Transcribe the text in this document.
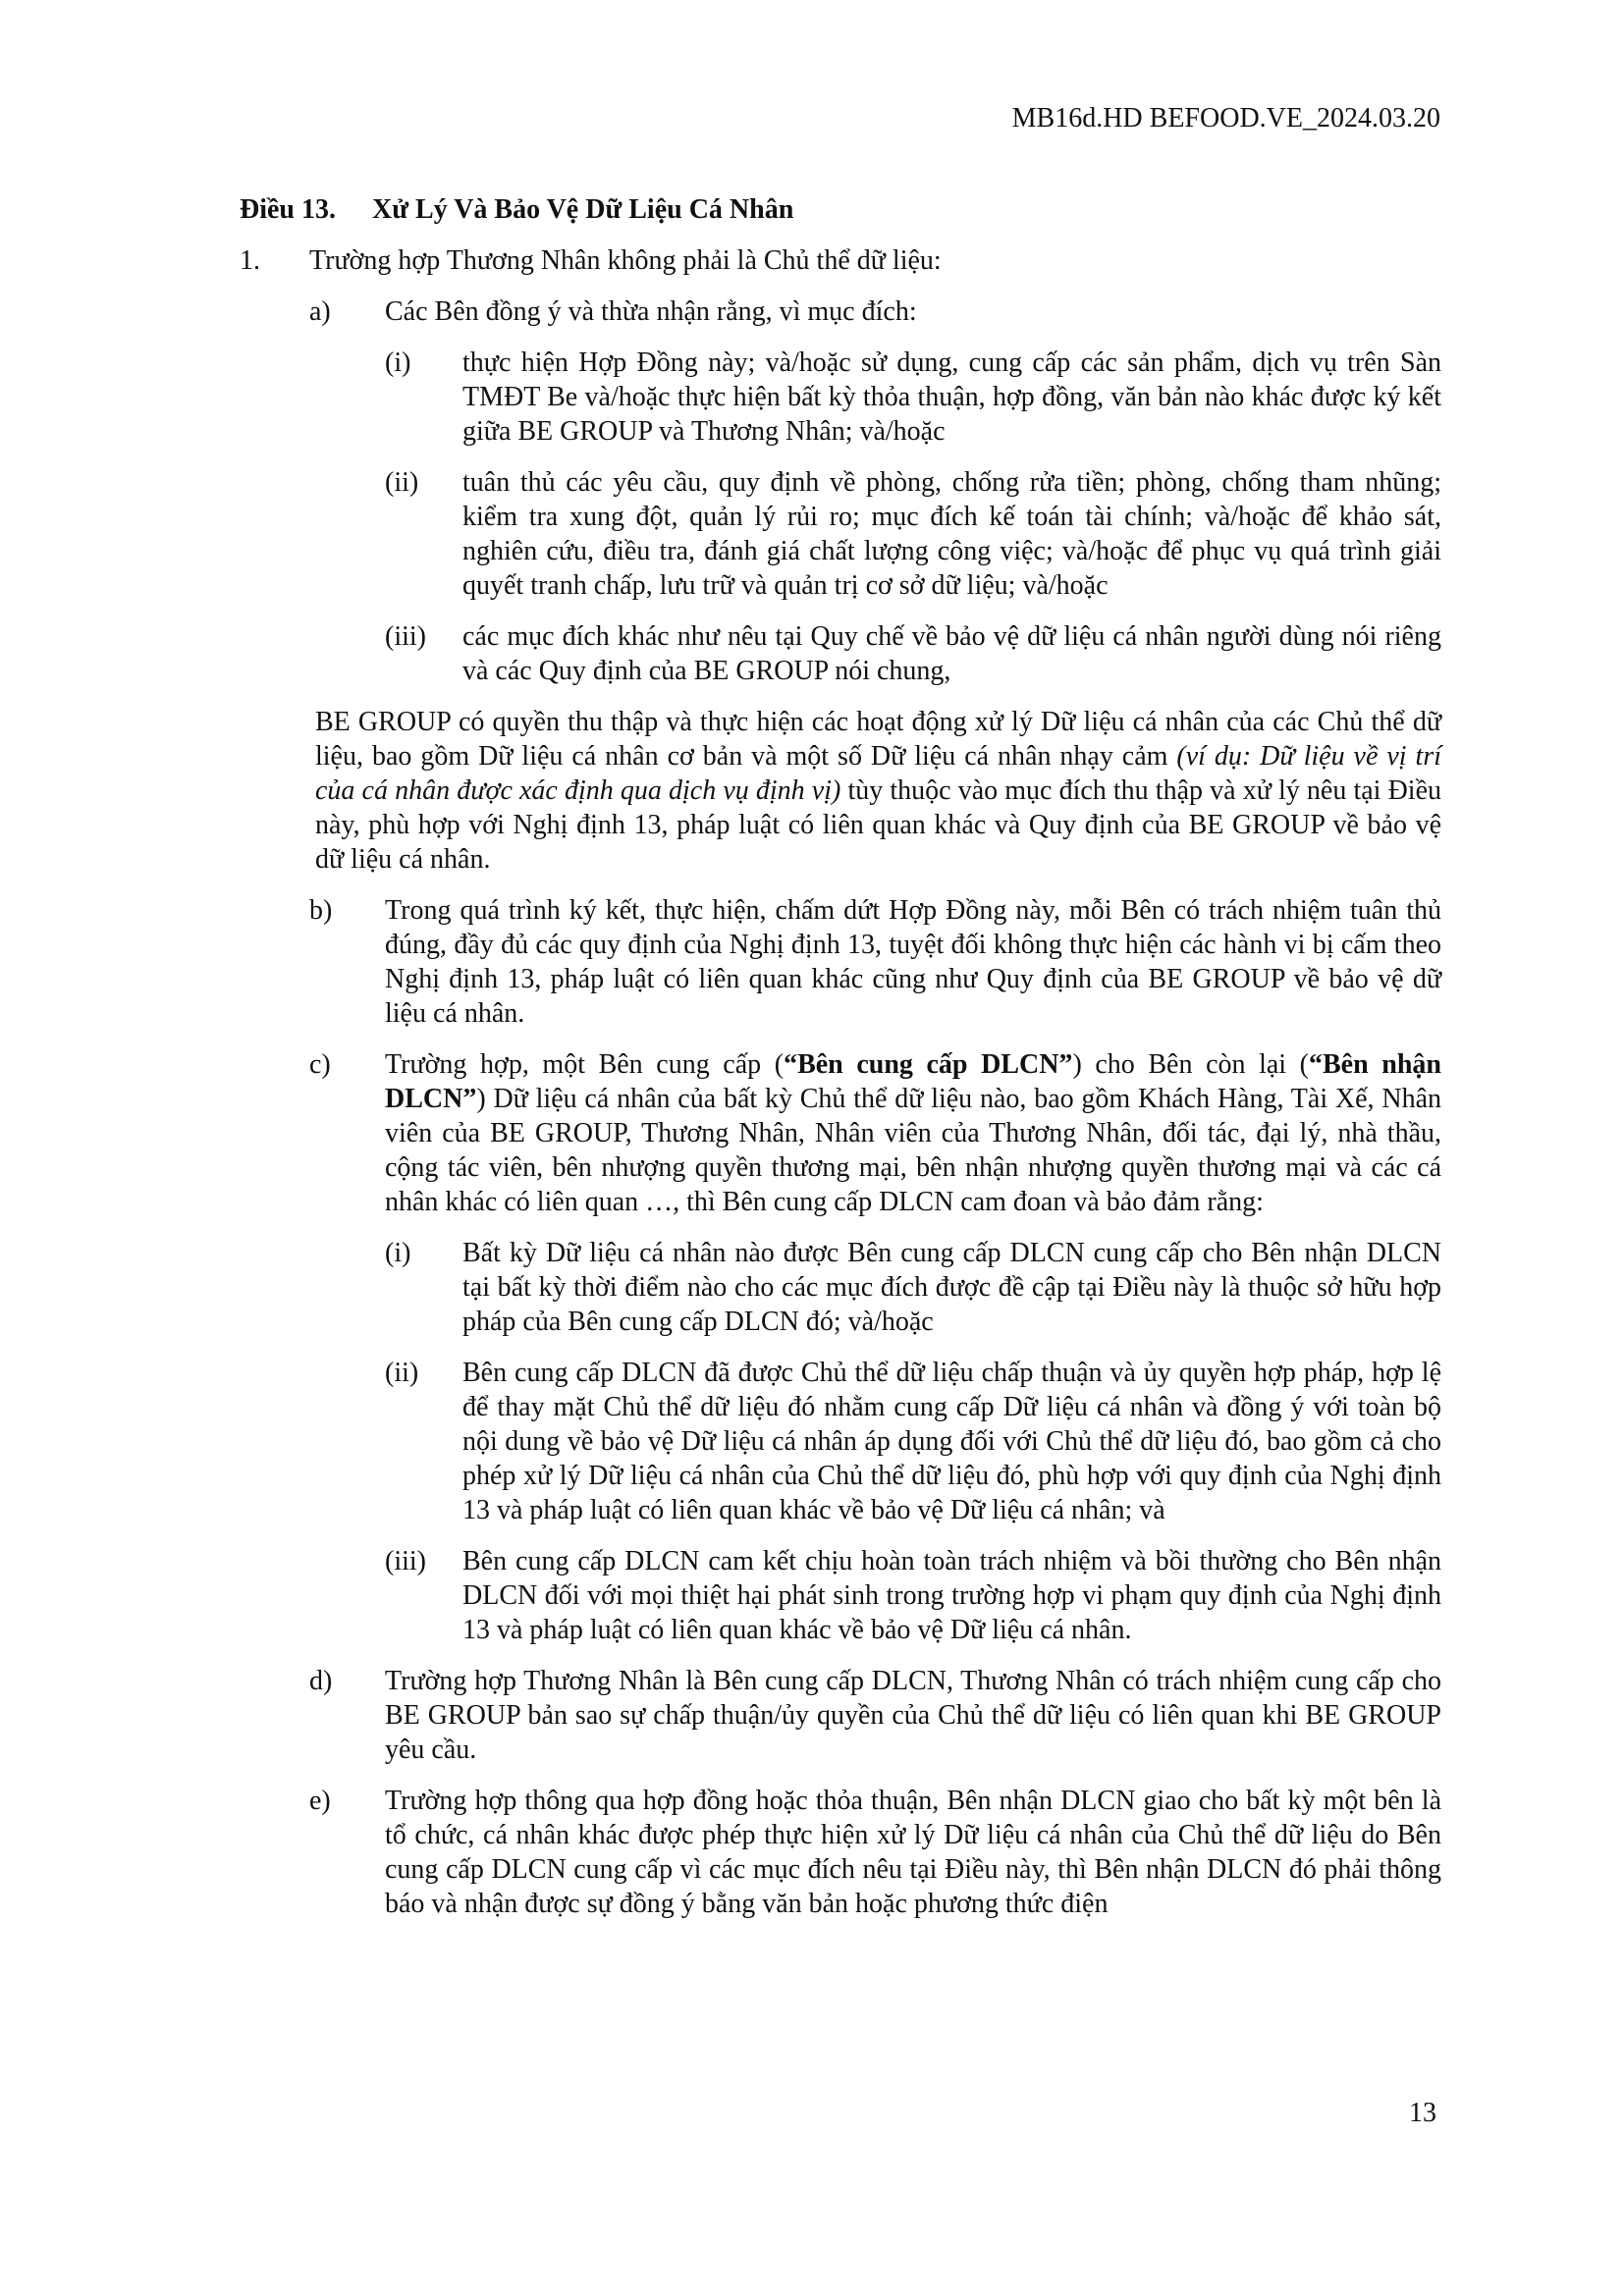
MB16d.HD BEFOOD.VE_2024.03.20
Điều 13.	Xử Lý Và Bảo Vệ Dữ Liệu Cá Nhân
1.	Trường hợp Thương Nhân không phải là Chủ thể dữ liệu:
a)	Các Bên đồng ý và thừa nhận rằng, vì mục đích:
(i)	thực hiện Hợp Đồng này; và/hoặc sử dụng, cung cấp các sản phẩm, dịch vụ trên Sàn TMĐT Be và/hoặc thực hiện bất kỳ thỏa thuận, hợp đồng, văn bản nào khác được ký kết giữa BE GROUP và Thương Nhân; và/hoặc
(ii)	tuân thủ các yêu cầu, quy định về phòng, chống rửa tiền; phòng, chống tham nhũng; kiểm tra xung đột, quản lý rủi ro; mục đích kế toán tài chính; và/hoặc để khảo sát, nghiên cứu, điều tra, đánh giá chất lượng công việc; và/hoặc để phục vụ quá trình giải quyết tranh chấp, lưu trữ và quản trị cơ sở dữ liệu; và/hoặc
(iii)	các mục đích khác như nêu tại Quy chế về bảo vệ dữ liệu cá nhân người dùng nói riêng và các Quy định của BE GROUP nói chung,
BE GROUP có quyền thu thập và thực hiện các hoạt động xử lý Dữ liệu cá nhân của các Chủ thể dữ liệu, bao gồm Dữ liệu cá nhân cơ bản và một số Dữ liệu cá nhân nhạy cảm (ví dụ: Dữ liệu về vị trí của cá nhân được xác định qua dịch vụ định vị) tùy thuộc vào mục đích thu thập và xử lý nêu tại Điều này, phù hợp với Nghị định 13, pháp luật có liên quan khác và Quy định của BE GROUP về bảo vệ dữ liệu cá nhân.
b)	Trong quá trình ký kết, thực hiện, chấm dứt Hợp Đồng này, mỗi Bên có trách nhiệm tuân thủ đúng, đầy đủ các quy định của Nghị định 13, tuyệt đối không thực hiện các hành vi bị cấm theo Nghị định 13, pháp luật có liên quan khác cũng như Quy định của BE GROUP về bảo vệ dữ liệu cá nhân.
c)	Trường hợp, một Bên cung cấp (“Bên cung cấp DLCN”) cho Bên còn lại (“Bên nhận DLCN”) Dữ liệu cá nhân của bất kỳ Chủ thể dữ liệu nào, bao gồm Khách Hàng, Tài Xế, Nhân viên của BE GROUP, Thương Nhân, Nhân viên của Thương Nhân, đối tác, đại lý, nhà thầu, cộng tác viên, bên nhượng quyền thương mại, bên nhận nhượng quyền thương mại và các cá nhân khác có liên quan …, thì Bên cung cấp DLCN cam đoan và bảo đảm rằng:
(i)	Bất kỳ Dữ liệu cá nhân nào được Bên cung cấp DLCN cung cấp cho Bên nhận DLCN tại bất kỳ thời điểm nào cho các mục đích được đề cập tại Điều này là thuộc sở hữu hợp pháp của Bên cung cấp DLCN đó; và/hoặc
(ii)	Bên cung cấp DLCN đã được Chủ thể dữ liệu chấp thuận và ủy quyền hợp pháp, hợp lệ để thay mặt Chủ thể dữ liệu đó nhằm cung cấp Dữ liệu cá nhân và đồng ý với toàn bộ nội dung về bảo vệ Dữ liệu cá nhân áp dụng đối với Chủ thể dữ liệu đó, bao gồm cả cho phép xử lý Dữ liệu cá nhân của Chủ thể dữ liệu đó, phù hợp với quy định của Nghị định 13 và pháp luật có liên quan khác về bảo vệ Dữ liệu cá nhân; và
(iii)	Bên cung cấp DLCN cam kết chịu hoàn toàn trách nhiệm và bồi thường cho Bên nhận DLCN đối với mọi thiệt hại phát sinh trong trường hợp vi phạm quy định của Nghị định 13 và pháp luật có liên quan khác về bảo vệ Dữ liệu cá nhân.
d)	Trường hợp Thương Nhân là Bên cung cấp DLCN, Thương Nhân có trách nhiệm cung cấp cho BE GROUP bản sao sự chấp thuận/ủy quyền của Chủ thể dữ liệu có liên quan khi BE GROUP yêu cầu.
e)	Trường hợp thông qua hợp đồng hoặc thỏa thuận, Bên nhận DLCN giao cho bất kỳ một bên là tổ chức, cá nhân khác được phép thực hiện xử lý Dữ liệu cá nhân của Chủ thể dữ liệu do Bên cung cấp DLCN cung cấp vì các mục đích nêu tại Điều này, thì Bên nhận DLCN đó phải thông báo và nhận được sự đồng ý bằng văn bản hoặc phương thức điện
13
